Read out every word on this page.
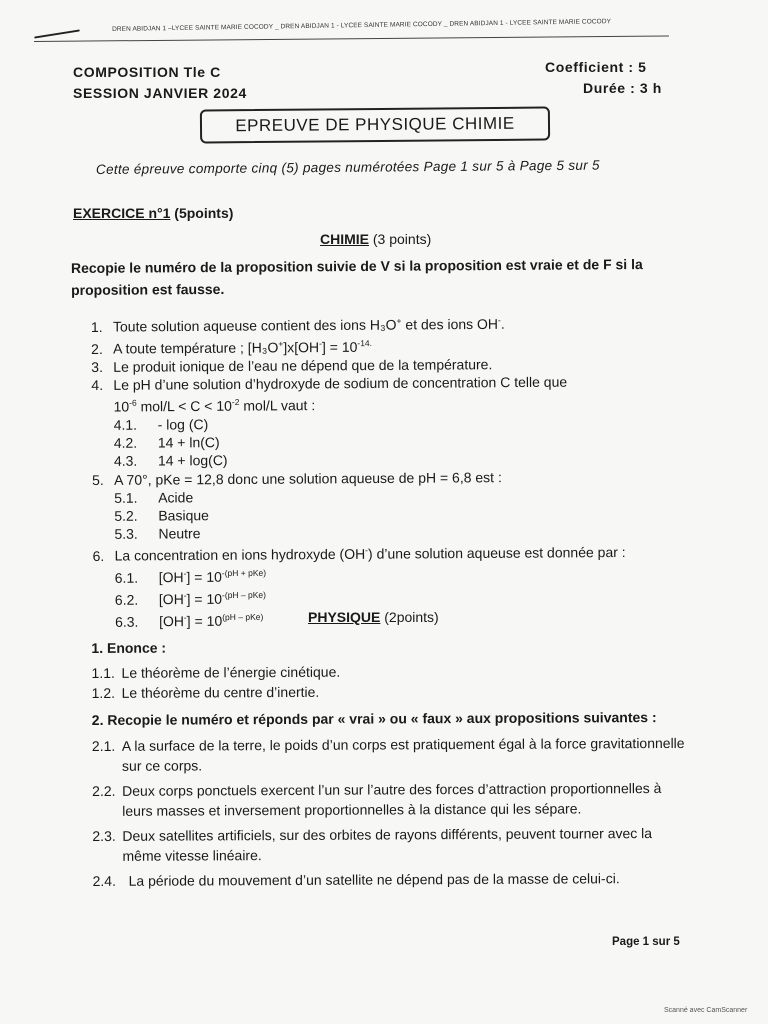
DREN ABIDJAN 1 –LYCEE SAINTE MARIE COCODY _ DREN ABIDJAN 1 - LYCEE SAINTE MARIE COCODY _ DREN ABIDJAN 1 - LYCEE SAINTE MARIE COCODY
COMPOSITION Tle C
SESSION JANVIER 2024
Coefficient : 5
Durée : 3 h
EPREUVE DE PHYSIQUE CHIMIE
Cette épreuve comporte cinq (5) pages numérotées Page 1 sur 5 à Page 5 sur 5
EXERCICE n°1 (5points)
CHIMIE (3 points)
Recopie le numéro de la proposition suivie de V si la proposition est vraie et de F si la proposition est fausse.
1. Toute solution aqueuse contient des ions H₃O+ et des ions OH-.
2. A toute température ; $[H_3O^+]x[OH^-] = 10^{-14.}$
3. Le produit ionique de l’eau ne dépend que de la température.
4. Le pH d’une solution d’hydroxyde de sodium de concentration C telle que
$10^{-6}$ $mol/L < C < 10^{-2}$ mol/L vaut :
4.1. - log (C)
4.2. 14 + ln(C)
4.3. 14 + log(C)
5. A 70°, pKe = 12,8 donc une solution aqueuse de pH = 6,8 est :
5.1. Acide
5.2. Basique
5.3. Neutre
6. La concentration en ions hydroxyde (OH-) d’une solution aqueuse est donnée par :
6.1. $[OH^-] = 10^{-(pH + pKe)}$
6.2. $[OH^-] = 10^{-(pH - pKe)}$
6.3. $[OH^-] = 10^{(pH - pKe)}$	PHYSIQUE (2points)
1. Enonce :
1.1. Le théorème de l’énergie cinétique.
1.2. Le théorème du centre d’inertie.
2. Recopie le numéro et réponds par « vrai » ou « faux » aux propositions suivantes :
2.1. A la surface de la terre, le poids d’un corps est pratiquement égal à la force gravitationnelle sur ce corps.
2.2. Deux corps ponctuels exercent l’un sur l’autre des forces d’attraction proportionnelles à leurs masses et inversement proportionnelles à la distance qui les sépare.
2.3. Deux satellites artificiels, sur des orbites de rayons différents, peuvent tourner avec la même vitesse linéaire.
2.4. La période du mouvement d’un satellite ne dépend pas de la masse de celui-ci.
Page 1 sur 5
Scanné avec CamScanner
